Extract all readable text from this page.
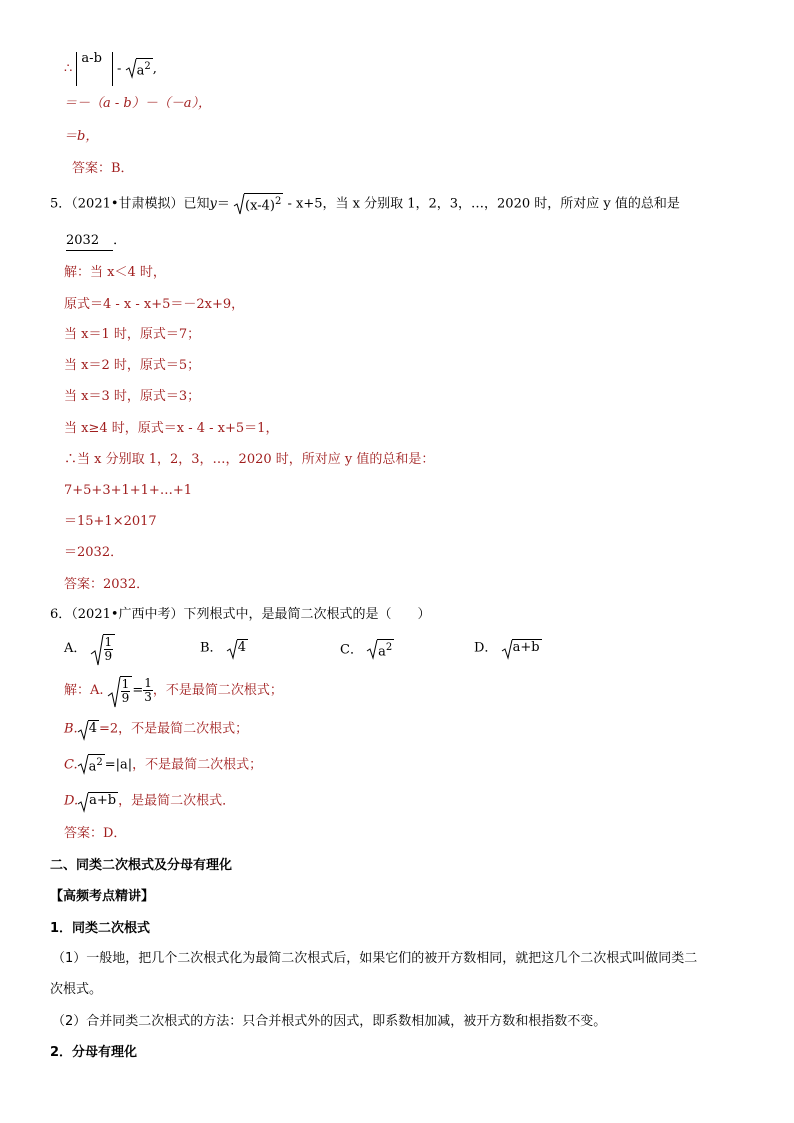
∴ $a-b - a^2$ ,
＝－（a - b）－（－a），
＝b，
答案：B．
5．（2021•甘肃模拟）已知$y= (x-4)^2 - x+5$，当 x 分别取 1，2，3，…，2020 时，所对应 y 值的总和是
2032 ．
解：当 x＜4 时，
原式＝4 - x - x+5＝－2x+9，
当 x＝1 时，原式＝7；
当 x＝2 时，原式＝5；
当 x＝3 时，原式＝3；
当 x≥4 时，原式＝x - 4 - x+5＝1，
∴当 x 分别取 1，2，3，…，2020 时，所对应 y 值的总和是：
7+5+3+1+1+…+1
＝15+1×2017
＝2032．
答案：2032．
6．（2021•广西中考）下列根式中，是最简二次根式的是（　　）
A． $\frac{1}{9}$	B． 4	C． $a^2$	D． a+b
解：A. $\frac{1}{9} = \frac{1}{3}$ ，不是最简二次根式；
B. 4 =2，不是最简二次根式；
C. $a^2 =|a|$，不是最简二次根式；
D. a+b ，是最简二次根式．
答案：D．
二、同类二次根式及分母有理化
【高频考点精讲】
1．同类二次根式
（1）一般地，把几个二次根式化为最简二次根式后，如果它们的被开方数相同，就把这几个二次根式叫做同类二
次根式。
（2）合并同类二次根式的方法：只合并根式外的因式，即系数相加减，被开方数和根指数不变。
2．分母有理化
